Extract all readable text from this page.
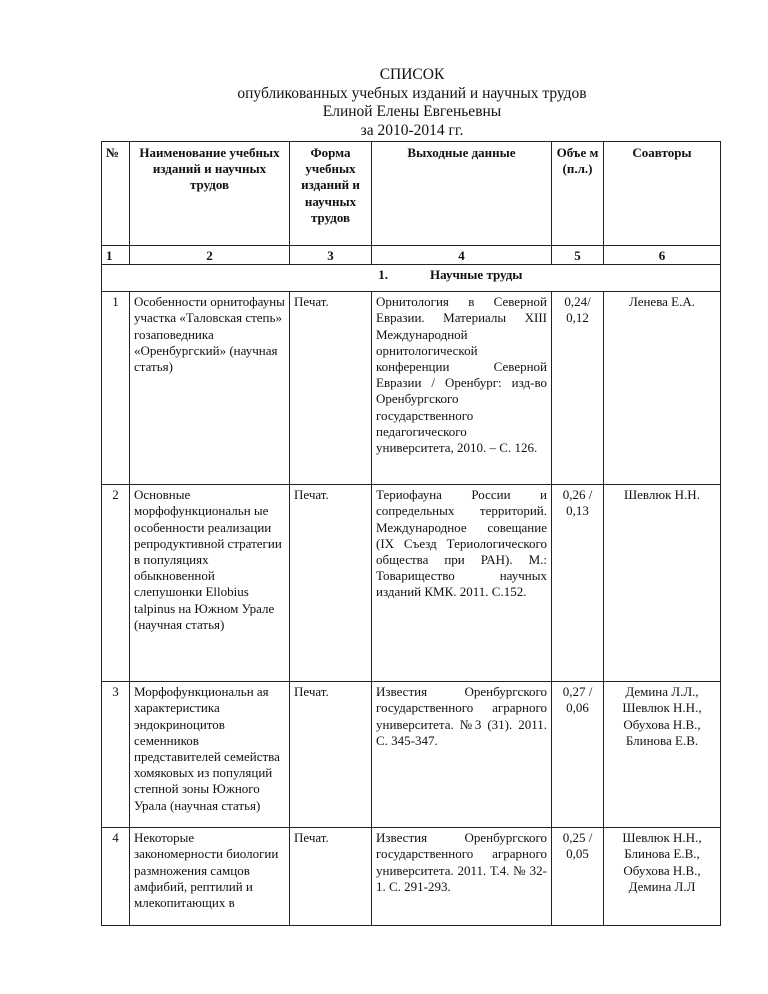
СПИСОК
опубликованных учебных изданий и научных трудов
Елиной Елены Евгеньевны
за 2010-2014 гг.
№	Наименование учебных изданий и научных трудов	Форма учебных изданий и научных трудов	Выходные данные	Объе м (п.л.)	Соавторы
1	2	3	4	5	6

1. Научные труды					

1	Особенности орнитофауны участка «Таловская степь» гозаповедника «Оренбургский» (научная статья)	Печат.	Орнитология в Северной Евразии. Материалы XIII Международной орнитологической конференции Северной Евразии / Оренбург: изд-во Оренбургского государственного педагогического университета, 2010. – С. 126.	0,24/ 0,12	Ленева Е.А.
2	Основные морфофункциональн ые особенности реализации репродуктивной стратегии в популяциях обыкновенной слепушонки Ellobius talpinus на Южном Урале (научная статья)	Печат.	Териофауна России и сопредельных территорий. Международное совещание (IX Съезд Териологического общества при РАН). М.: Товарищество научных изданий КМК. 2011. С.152.	0,26 / 0,13	Шевлюк Н.Н.
3	Морфофункциональн ая характеристика эндокриноцитов семенников представителей семейства хомяковых из популяций степной зоны Южного Урала (научная статья)	Печат.	Известия Оренбургского государственного аграрного университета. №3 (31). 2011. С. 345-347.	0,27 / 0,06	Демина Л.Л., Шевлюк Н.Н., Обухова Н.В., Блинова Е.В.
4	Некоторые закономерности биологии размножения самцов амфибий, рептилий и млекопитающих в	Печат.	Известия Оренбургского государственного аграрного университета. 2011. Т.4. № 32-1. С. 291-293.	0,25 / 0,05	Шевлюк Н.Н., Блинова Е.В., Обухова Н.В., Демина Л.Л
